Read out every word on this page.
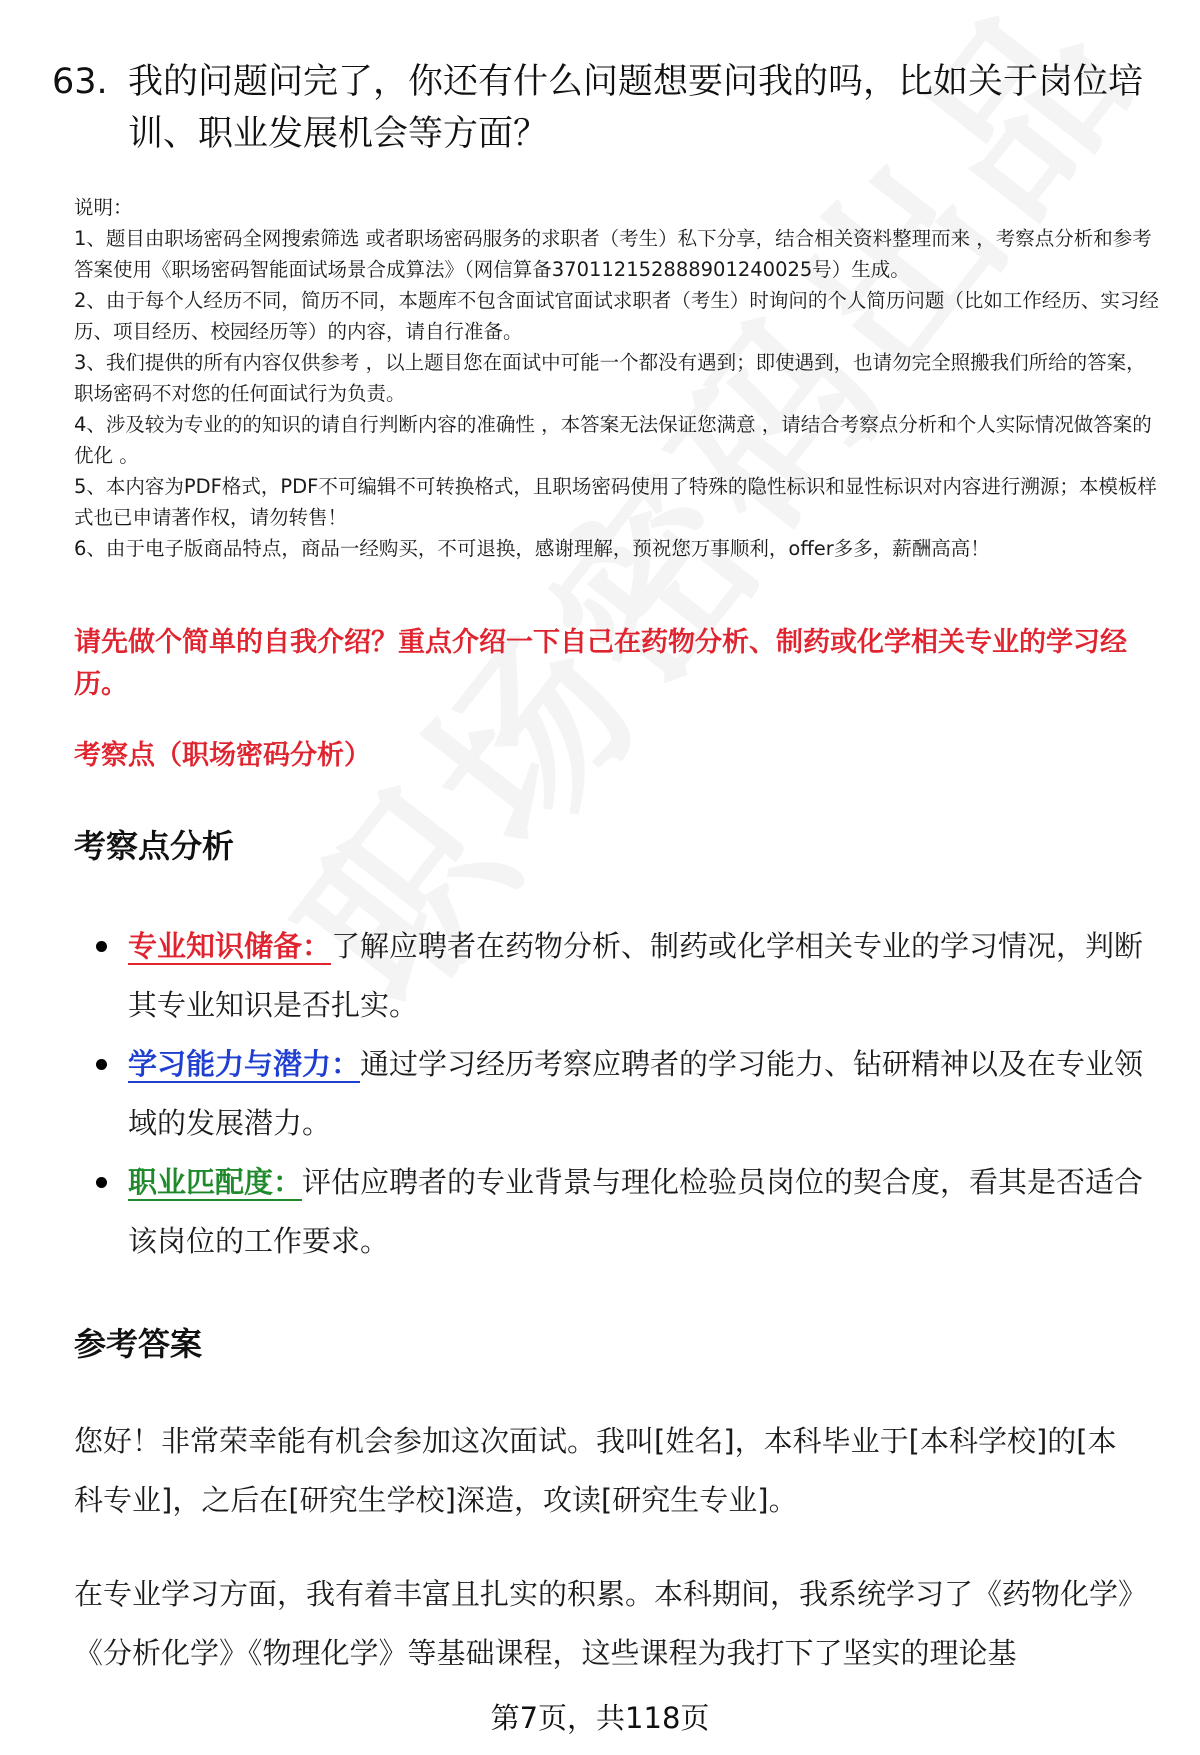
63. 我的问题问完了，你还有什么问题想要问我的吗，比如关于岗位培训、职业发展机会等方面？

说明：

1、题目由职场密码全网搜索筛选 或者职场密码服务的求职者（考生）私下分享，结合相关资料整理而来 ，考察点分析和参考答案使用《职场密码智能面试场景合成算法》（网信算备370112152888901240025号）生成。

2、由于每个人经历不同，简历不同，本题库不包含面试官面试求职者（考生）时询问的个人简历问题（比如工作经历、实习经历、项目经历、校园经历等）的内容，请自行准备。

3、我们提供的所有内容仅供参考 ，以上题目您在面试中可能一个都没有遇到；即使遇到，也请勿完全照搬我们所给的答案，职场密码不对您的任何面试行为负责。

4、涉及较为专业的的知识的请自行判断内容的准确性 ，本答案无法保证您满意 ，请结合考察点分析和个人实际情况做答案的优化 。

5、本内容为PDF格式，PDF不可编辑不可转换格式，且职场密码使用了特殊的隐性标识和显性标识对内容进行溯源；本模板样式也已申请著作权，请勿转售！

6、由于电子版商品特点，商品一经购买，不可退换，感谢理解，预祝您万事顺利，offer多多，薪酬高高！

请先做个简单的自我介绍？重点介绍一下自己在药物分析、制药或化学相关专业的学习经历。
考察点（职场密码分析）
考察点分析
专业知识储备：了解应聘者在药物分析、制药或化学相关专业的学习情况，判断其专业知识是否扎实。
学习能力与潜力：通过学习经历考察应聘者的学习能力、钻研精神以及在专业领域的发展潜力。
职业匹配度：评估应聘者的专业背景与理化检验员岗位的契合度，看其是否适合该岗位的工作要求。
参考答案

您好！非常荣幸能有机会参加这次面试。我叫[姓名]，本科毕业于[本科学校]的[本科专业]，之后在[研究生学校]深造，攻读[研究生专业]。

在专业学习方面，我有着丰富且扎实的积累。本科期间，我系统学习了《药物化学》《分析化学》《物理化学》等基础课程，这些课程为我打下了坚实的理论基

第7页，共118页
